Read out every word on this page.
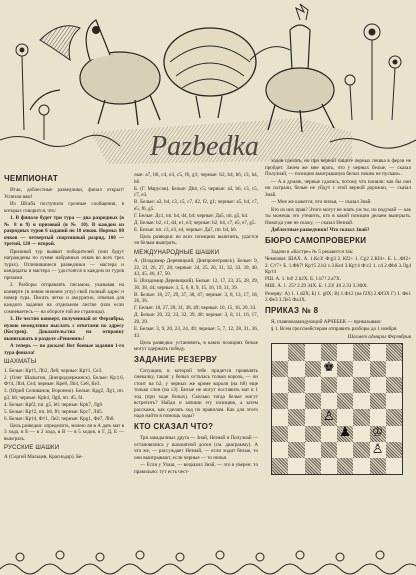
Pazbedka
ЧЕМПИОНАТ
Итак, доблестные разведчики, финал открыт! Успехов вам!
Из Штаба поступили срочные сообщения, в которых говорится, что:
1. В финале будет три тура — два разрядных (в № 8 и 9) и призовой (в № 10). В каждом из разрядных туров 6 заданий по 10 очков. Нормы: 80 очков — четвертый спортивный разряд, 100 — третий, 120 — второй.
Призовой тур выявит победителей (они будут награждены по сумме набранных очков во всех трех турах). Отличившиеся разведчики — мастера и кандидаты в мастера — удостоятся в каждом из туров призами.
2. Разборы отправлять письмом, указывая на конверте (в левом нижнем углу) свой полный адрес и номер тура. Писать четко и аккуратно, отвечая для каждого задания на отдельном листке (или если сомневаетесь — на обороте той же страницы).
3. Не честно конверт, полученный от Ферзябры, нужно немедленно выслать с ответами по адресу (Кострец). Доказательства на отправку выписывать в разделе «Решения»!
А теперь — по доскам! Вот боевые задания 1-го тура финала!
ШАХМАТЫ
1. Белые: Кр†1, Лb2, Лe6; черные: Кр†1, Сe3.
2. (Олег Шалыгин, Днепродзержинск). Белые: Кр‡6, Ф†4, Лb4, Сe4; черные: Крe8, Лb4, Сe8, Кe3.
3. (Юрий Селиванов, Воронеж). Белые: Крg2, Лg1, пп. g3, h6; черные: Крh4, Лg8, пп. d5, f4.
4. Белые: Крf2, пп. g5, b6; черные: Крh7, Лg8.
5. Белые: Кр†2, пп. b6, f6; черные: Крc7, Лd5.
6. Белые: Кр†4, Ф†1, Лe2; черные: Крg1, Фe7, Лh8.
Цель разведки: определить, можно ли в А дать мат в 3 хода, в Б — в 2 хода, в В — в 5 ходов, в Г, Д, Е — выиграть.
РУССКИЕ ШАШКИ
А (Сергей Мальцев, Краснодар). Бе-
лые: a7, b6, c4, e3, c5, f6, g1; черные: b2, b4, b6, c3, h4, h6.
Б. (Г. Марусов). Белые: Дb4, c5; черные: a3, b6, c3, c5, c7, e3.
В. Белые: a3, b4, c3, c5, c7, d2, f2, g1; черные: a5, b4, c7, e5, f6, g5.
Г. Белые: Дc1, пп. b4, d4, b4; черные: Дa5, пп. g5, h4.
Д. Белые: b2, c1, d4, e1, e3; черные: b2, b4, c7, e5, e7, g5.
Е. Белые: пп. c3, e3, e4, черные: Дa7, пп. b4, h6.
Цель разведки: во всех позициях выяснить, удастся ли белым выиграть.
МЕЖДУНАРОДНЫЕ ШАШКИ
А. (Владимир Деревицкий, Днепропетровск). Белые: 9, 22, 23, 26, 27, 28; черные: 24, 25, 26, 31, 32, 33, 39, 40, 43, 45, 46, 47, 50.
Б. (Владимир Деревицкий). Белые: 12, 17, 23, 25, 28, 29, 30, 38, 44; черные: 3, 5, 6, 8, 9, 15, 16, 19, 31, 39.
В. Белые: 18, 27, 29, 37, 38, 47; черные: 3, 8, 13, 17, 18, 26, 36.
Г. Белые: 18, 27, 28, 31, 38, 49; черные: 10, 15, 16, 20, 33.
Д. Белые: 20, 22, 23, 32, 39, 48; черные: 3, 8, 11, 16, 17, 28, 29.
Е. Белые: 3, 9, 20, 23, 24, 49; черные: 5, 7, 12, 28, 31, 36, 43.
Цель разведки: установить, в каких позициях белые могут одержать победу.
ЗАДАНИЕ РЕЗЕРВУ
Ситуация, в которой тебе придется проявлять смекалку, такая: у белых осталась только король, — он стоит на b2, у черных же кроме короля (на h8) еще только слон (на c3). Белые не могут поставить мат в 1 ход (при ходе белых). Сколько тогда белые могут встретить? Найди и запиши эту позицию, а затем расскажи, как сделать ход по правилам. Как для этого надо найти в помощь ходы?
КТО СКАЗАЛ ЧТО?
Три закадычных друга — Знай, Незнай и Полузнай — остановились у шахматной доски (см. диаграмму). А что же, — рассуждает Незнай, — если ходит белые, то они выигрывают, если черные — то ничья.
— Если у Ухаш, — возразил Знай, — это я уверен: то правильно: тут есть чест-
ходов сделать, но при верной защите черных пешка в ферзи не пройдет. Зачем же мне врать, что у черных белые, — сказал Полузнай, — позицию выигрышную белых пешек не пускаю».
— А я думаю, черные сдались, потому что поняли: как бы они ни сыграли, белые не уйдут с этой верной дорожки, — сказал Знай.
— Мне же кажется, что ничья, — сказал Знай.
Кто из них прав? Этого могут не знать уж ты, но подумай — как ты можешь это утешить, кто в какой позиции делаем выигрыть. Никогда уже не скажу, — сказал Незнай.
Доблестные разведчики! Что сказал Знай?
БЮРО САМОПРОВЕРКИ
Задачи в «Костре» № 5 решаются так:
Чемповат. ШАХ. А. 1.Кс3! Ф:g3 2. Кf2+ 1. Сg2 2.Кf4+. Б. 1...Фf2+ 2. С†7+ Б. 1.Фb7! Кр†5 2.b3 с.3.Кe4 3.Кр†4 Ф:с2 1. с4 2.Фb6 3.Лg4 Кр†4
РШ. А. 1. b4! 2.b2X. Б. 1.b7! 2.a7X.
МШ. А. 1. 25? 2.29 34Х. Б. 1.23! 40 2.33 3.3ФХ.
Резерву: А) 1. 1.d2X; Б) 1. g8X; В) 1.Ф12 (на f2Х) 2.Фf3Х Г) 1. Фe1 2.Фe3 3.Лe5 Фа3Х.
ПРИКАЗ № 8
Я, главнокомандующий АРЧЕБЕК — приказываю:
§ 1. Всем гроссмейстерам отправить разборы до 1 ноября.
Шахмет адмирал Ферзябрия
♚
♙
♟ ♔
♙
